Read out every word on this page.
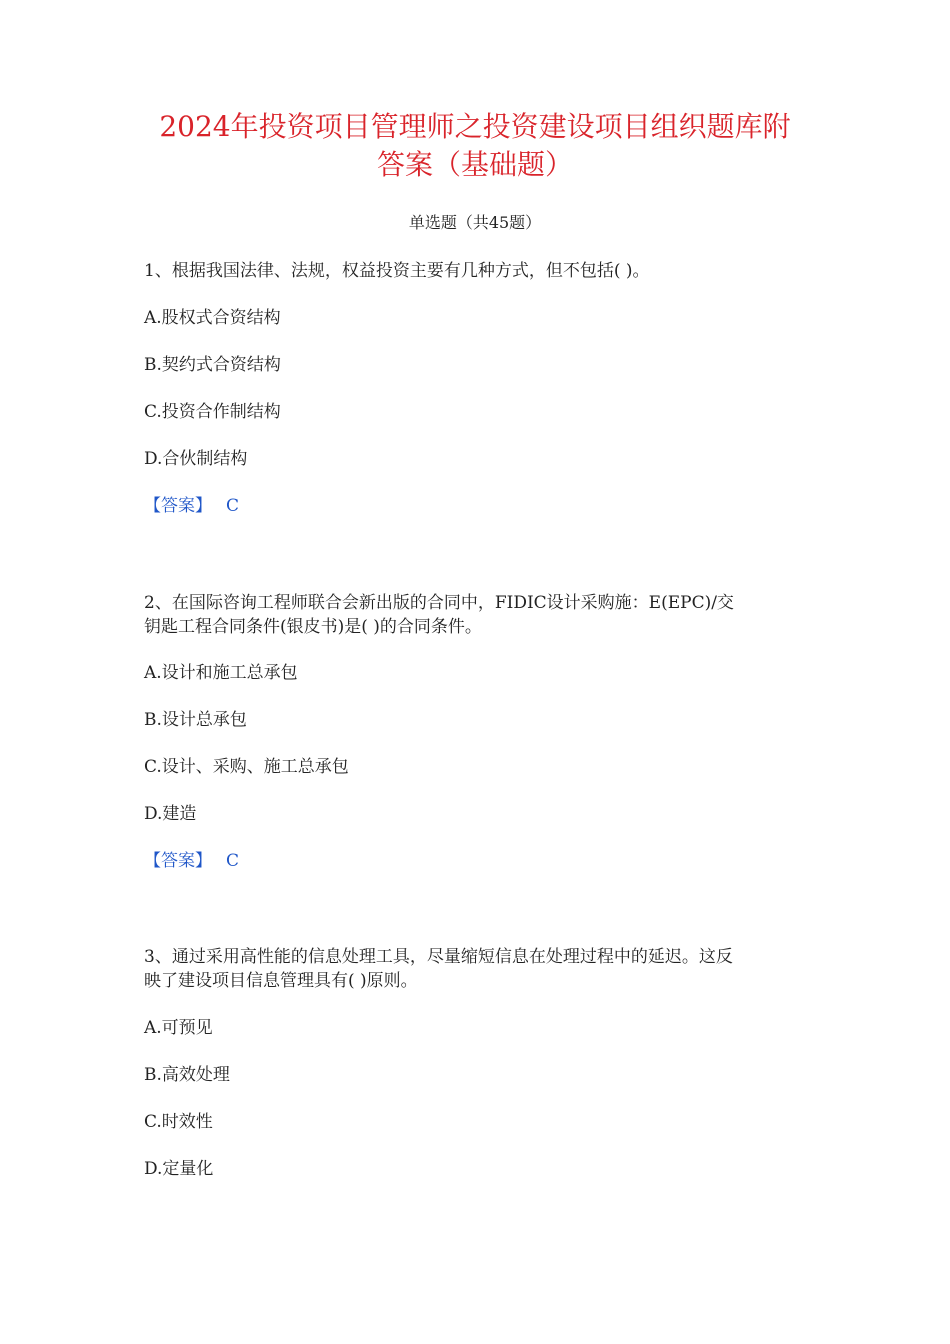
2024年投资项目管理师之投资建设项目组织题库附
答案（基础题）
单选题（共45题）
1、根据我国法律、法规，权益投资主要有几种方式，但不包括( )。
A.股权式合资结构
B.契约式合资结构
C.投资合作制结构
D.合伙制结构
【答案】 C
2、在国际咨询工程师联合会新出版的合同中，FIDIC设计采购施：E(EPC)/交
钥匙工程合同条件(银皮书)是( )的合同条件。
A.设计和施工总承包
B.设计总承包
C.设计、采购、施工总承包
D.建造
【答案】 C
3、通过采用高性能的信息处理工具，尽量缩短信息在处理过程中的延迟。这反
映了建设项目信息管理具有( )原则。
A.可预见
B.高效处理
C.时效性
D.定量化
